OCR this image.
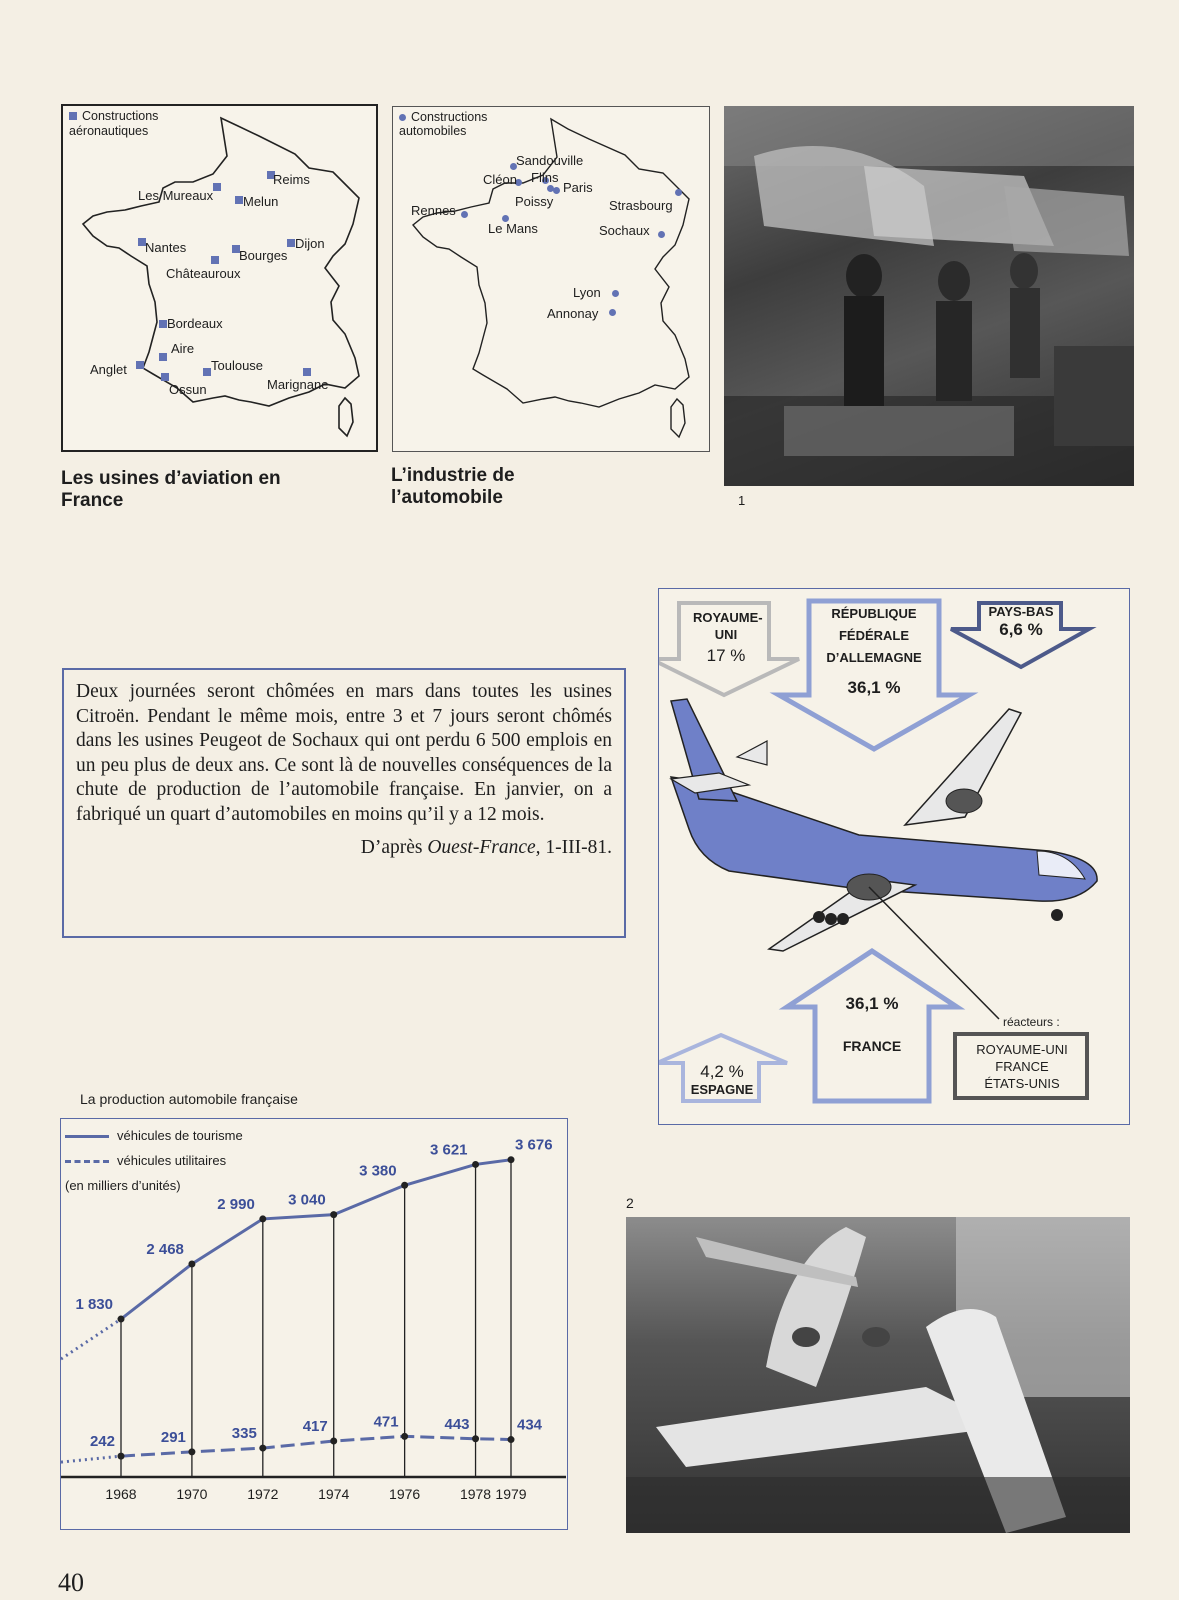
Constructions aéronautiques
Les Mureaux
Reims
Melun
Nantes
Bourges
Dijon
Châteauroux
Bordeaux
Aire
Toulouse
Anglet
Ossun	Marignane
Constructions automobiles
Sandouville
Cléon Flins
Paris
Poissy	Strasbourg
Rennes
Le Mans	Sochaux
Lyon
Annonay
Les usines d’aviation en France
L’industrie de l’automobile	1
Deux journées seront chômées en mars dans toutes les usines Citroën. Pendant le même mois, entre 3 et 7 jours seront chômés dans les usines Peugeot de Sochaux qui ont perdu 6 500 emplois en un peu plus de deux ans. Ce sont là de nouvelles conséquences de la chute de production de l’automobile française. En janvier, on a fabriqué un quart d’automobiles en moins qu’il y a 12 mois.
D’après Ouest-France, 1-III-81.
ROYAUME-UNI
17 %
RÉPUBLIQUE FÉDÉRALE D’ALLEMAGNE
36,1 %
PAYS-BAS
6,6 %
36,1 %
FRANCE
4,2 %
ESPAGNE
réacteurs :
ROYAUME-UNI
FRANCE
ÉTATS-UNIS
La production automobile française
véhicules de tourisme
véhicules utilitaires
(en milliers d’unités)
1968	1970	1972	1974	1976	1978 1979
1 830
242
2 468
291
2 990
335
3 040
417
3 380
471
3 621
443
3 676
434
2
40
